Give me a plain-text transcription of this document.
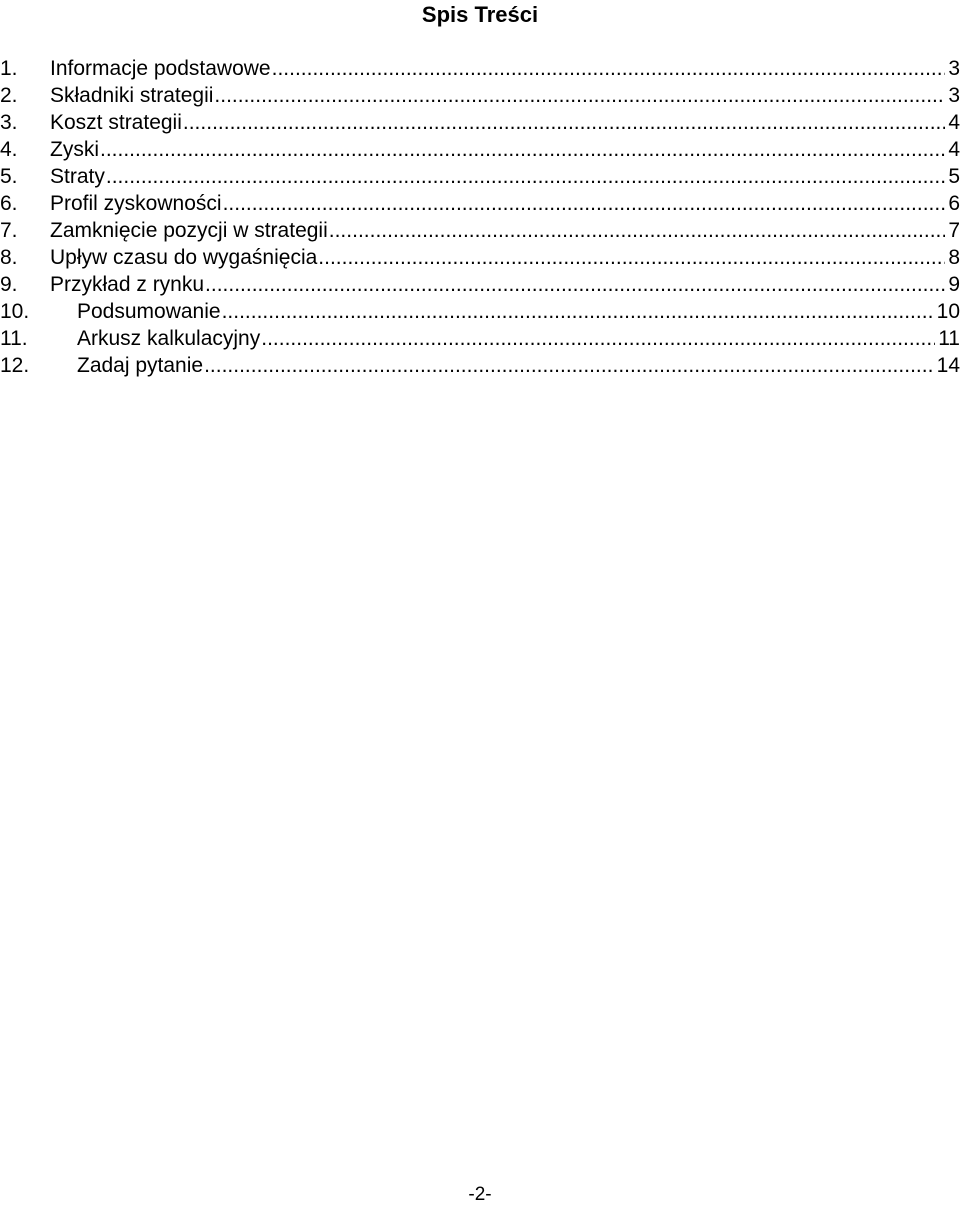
Spis Treści
1.	Informacje podstawowe .....	3
2.	Składniki strategii .....	3
3.	Koszt strategii .....	4
4.	Zyski .....	4
5.	Straty .....	5
6.	Profil zyskowności .....	6
7.	Zamknięcie pozycji w strategii .....	7
8.	Upływ czasu do wygaśnięcia .....	8
9.	Przykład z rynku .....	9
10.	Podsumowanie .....	10
11.	Arkusz kalkulacyjny .....	11
12.	Zadaj pytanie .....	14
-2-
